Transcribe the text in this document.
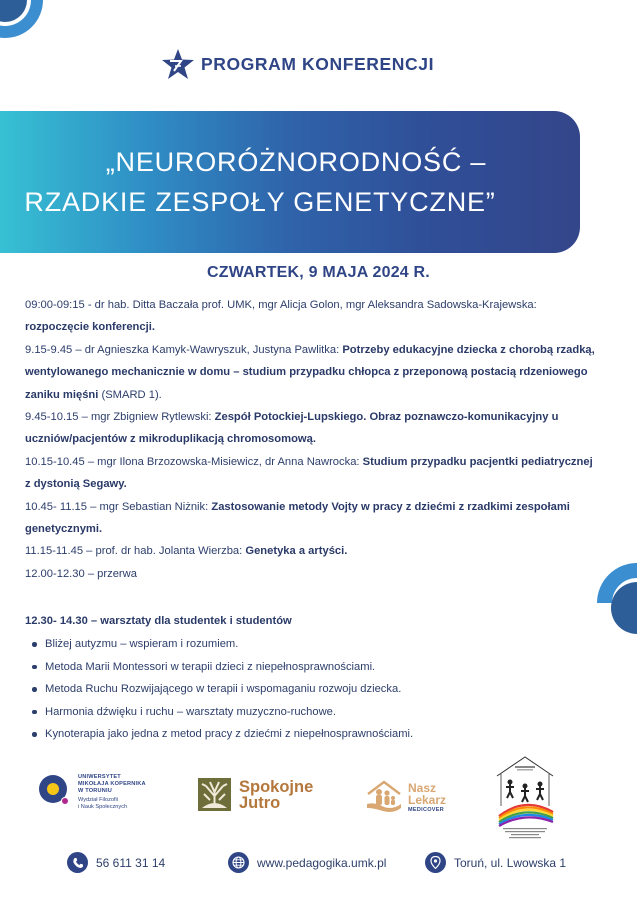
PROGRAM KONFERENCJI
„NEURORÓŻNORODNOŚĆ –
RZADKIE ZESPOŁY GENETYCZNE”
CZWARTEK, 9 MAJA 2024 R.

09:00-09:15 - dr hab. Ditta Baczała prof. UMK, mgr Alicja Golon, mgr Aleksandra Sadowska-Krajewska: rozpoczęcie konferencji.

9.15-9.45 – dr Agnieszka Kamyk-Wawryszuk, Justyna Pawlitka: Potrzeby edukacyjne dziecka z chorobą rzadką, wentylowanego mechanicznie w domu – studium przypadku chłopca z przeponową postacią rdzeniowego zaniku mięśni (SMARD 1).

9.45-10.15 – mgr Zbigniew Rytlewski: Zespół Potockiej-Lupskiego. Obraz poznawczo-komunikacyjny u uczniów/pacjentów z mikroduplikacją chromosomową.

10.15-10.45 – mgr Ilona Brzozowska-Misiewicz, dr Anna Nawrocka: Studium przypadku pacjentki pediatrycznej z dystonią Segawy.

10.45- 11.15 – mgr Sebastian Niżnik: Zastosowanie metody Vojty w pracy z dziećmi z rzadkimi zespołami genetycznymi.

11.15-11.45 – prof. dr hab. Jolanta Wierzba: Genetyka a artyści.

12.00-12.30 – przerwa

12.30- 14.30 – warsztaty dla studentek i studentów
Bliżej autyzmu – wspieram i rozumiem.
Metoda Marii Montessori w terapii dzieci z niepełnosprawnościami.
Metoda Ruchu Rozwijającego w terapii i wspomaganiu rozwoju dziecka.
Harmonia dźwięku i ruchu – warsztaty muzyczno-ruchowe.
Kynoterapia jako jedna z metod pracy z dziećmi z niepełnosprawnościami.
UNIWERSYTET
MIKOŁAJA KOPERNIKA
W TORUNIU
Wydział Filozofii
i Nauk Społecznych
Spokojne
Jutro
Nasz
Lekarz
MEDICOVER
56 611 31 14	www.pedagogika.umk.pl	Toruń, ul. Lwowska 1
